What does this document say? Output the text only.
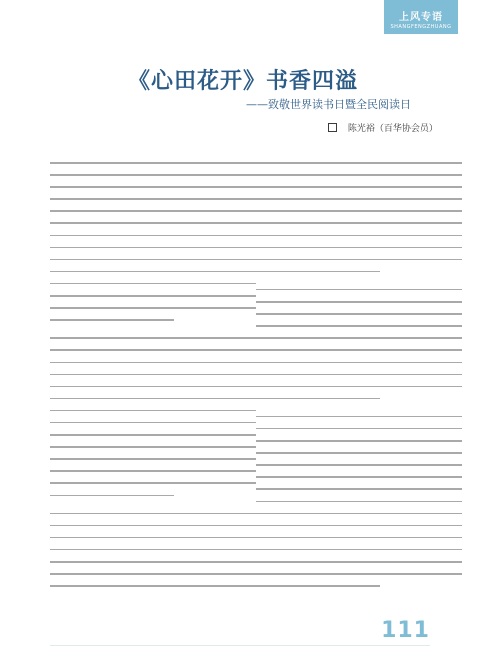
上风专语
SHANGFENGZHUANG
《心田花开》书香四溢
——致敬世界读书日暨全民阅读日
陈光裕（百华协会员）
111
